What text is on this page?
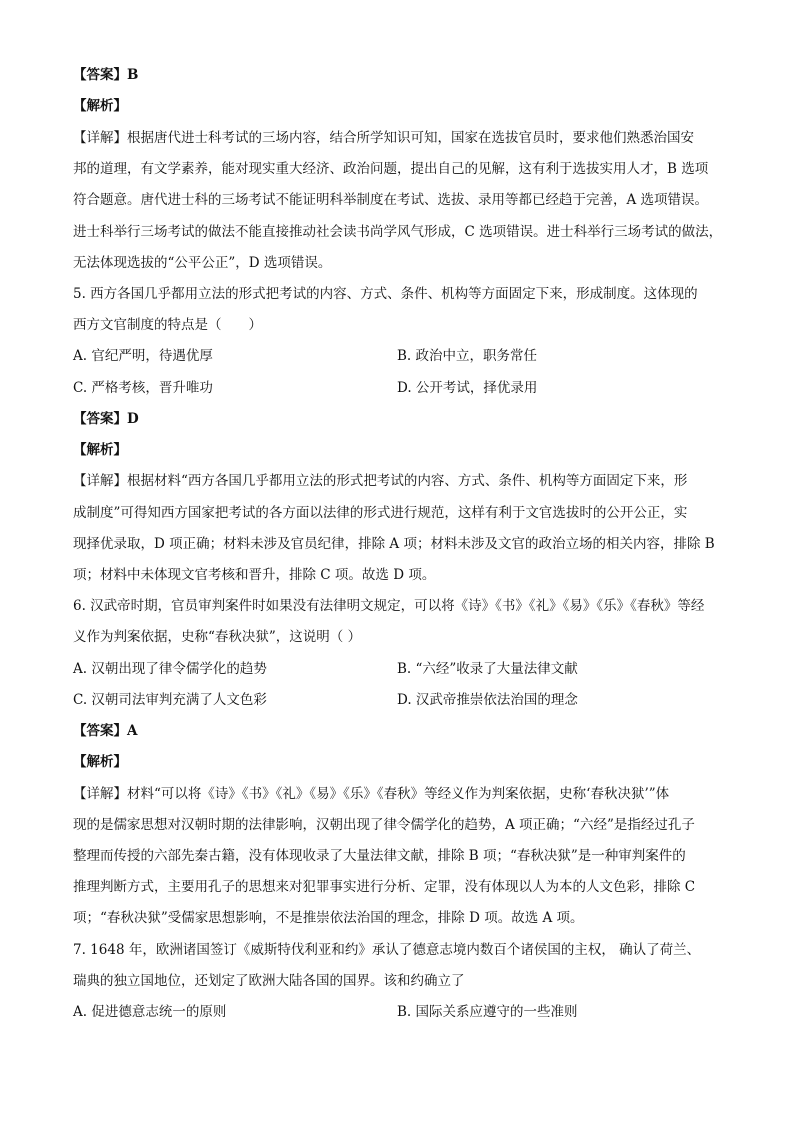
【答案】B
【解析】
【详解】根据唐代进士科考试的三场内容，结合所学知识可知，国家在选拔官员时，要求他们熟悉治国安
邦的道理，有文学素养，能对现实重大经济、政治问题，提出自己的见解，这有利于选拔实用人才，B 选项
符合题意。唐代进士科的三场考试不能证明科举制度在考试、选拔、录用等都已经趋于完善，A 选项错误。
进士科举行三场考试的做法不能直接推动社会读书尚学风气形成，C 选项错误。进士科举行三场考试的做法，
无法体现选拔的“公平公正”，D 选项错误。
5. 西方各国几乎都用立法的形式把考试的内容、方式、条件、机构等方面固定下来，形成制度。这体现的
西方文官制度的特点是（　　）
A. 官纪严明，待遇优厚	B. 政治中立，职务常任
C. 严格考核，晋升唯功	D. 公开考试，择优录用
【答案】D
【解析】
【详解】根据材料“西方各国几乎都用立法的形式把考试的内容、方式、条件、机构等方面固定下来，形
成制度”可得知西方国家把考试的各方面以法律的形式进行规范，这样有利于文官选拔时的公开公正，实
现择优录取，D 项正确；材料未涉及官员纪律，排除 A 项；材料未涉及文官的政治立场的相关内容，排除 B
项；材料中未体现文官考核和晋升，排除 C 项。故选 D 项。
6. 汉武帝时期，官员审判案件时如果没有法律明文规定，可以将《诗》《书》《礼》《易》《乐》《春秋》等经
义作为判案依据，史称“春秋决狱”，这说明（ ）
A. 汉朝出现了律令儒学化的趋势	B. “六经”收录了大量法律文献
C. 汉朝司法审判充满了人文色彩	D. 汉武帝推崇依法治国的理念
【答案】A
【解析】
【详解】材料“可以将《诗》《书》《礼》《易》《乐》《春秋》等经义作为判案依据，史称‘春秋决狱’”体
现的是儒家思想对汉朝时期的法律影响，汉朝出现了律令儒学化的趋势，A 项正确；“六经”是指经过孔子
整理而传授的六部先秦古籍，没有体现收录了大量法律文献，排除 B 项；“春秋决狱”是一种审判案件的
推理判断方式，主要用孔子的思想来对犯罪事实进行分析、定罪，没有体现以人为本的人文色彩，排除 C
项；“春秋决狱”受儒家思想影响，不是推崇依法治国的理念，排除 D 项。故选 A 项。
7. 1648 年，欧洲诸国签订《威斯特伐利亚和约》承认了德意志境内数百个诸侯国的主权， 确认了荷兰、
瑞典的独立国地位，还划定了欧洲大陆各国的国界。该和约确立了
A. 促进德意志统一的原则	B. 国际关系应遵守的一些准则
